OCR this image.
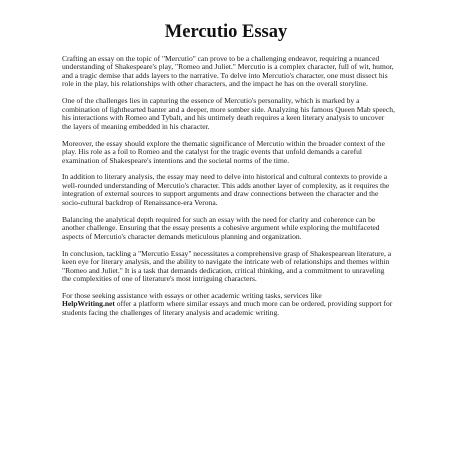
Mercutio Essay

Crafting an essay on the topic of "Mercutio" can prove to be a challenging endeavor, requiring a nuanced understanding of Shakespeare's play, "Romeo and Juliet." Mercutio is a complex character, full of wit, humor, and a tragic demise that adds layers to the narrative. To delve into Mercutio's character, one must dissect his role in the play, his relationships with other characters, and the impact he has on the overall storyline.

One of the challenges lies in capturing the essence of Mercutio's personality, which is marked by a combination of lighthearted banter and a deeper, more somber side. Analyzing his famous Queen Mab speech, his interactions with Romeo and Tybalt, and his untimely death requires a keen literary analysis to uncover the layers of meaning embedded in his character.

Moreover, the essay should explore the thematic significance of Mercutio within the broader context of the play. His role as a foil to Romeo and the catalyst for the tragic events that unfold demands a careful examination of Shakespeare's intentions and the societal norms of the time.

In addition to literary analysis, the essay may need to delve into historical and cultural contexts to provide a well-rounded understanding of Mercutio's character. This adds another layer of complexity, as it requires the integration of external sources to support arguments and draw connections between the character and the socio-cultural backdrop of Renaissance-era Verona.

Balancing the analytical depth required for such an essay with the need for clarity and coherence can be another challenge. Ensuring that the essay presents a cohesive argument while exploring the multifaceted aspects of Mercutio's character demands meticulous planning and organization.

In conclusion, tackling a "Mercutio Essay" necessitates a comprehensive grasp of Shakespearean literature, a keen eye for literary analysis, and the ability to navigate the intricate web of relationships and themes within "Romeo and Juliet." It is a task that demands dedication, critical thinking, and a commitment to unraveling the complexities of one of literature's most intriguing characters.

For those seeking assistance with essays or other academic writing tasks, services like
HelpWriting.net offer a platform where similar essays and much more can be ordered, providing support for students facing the challenges of literary analysis and academic writing.
